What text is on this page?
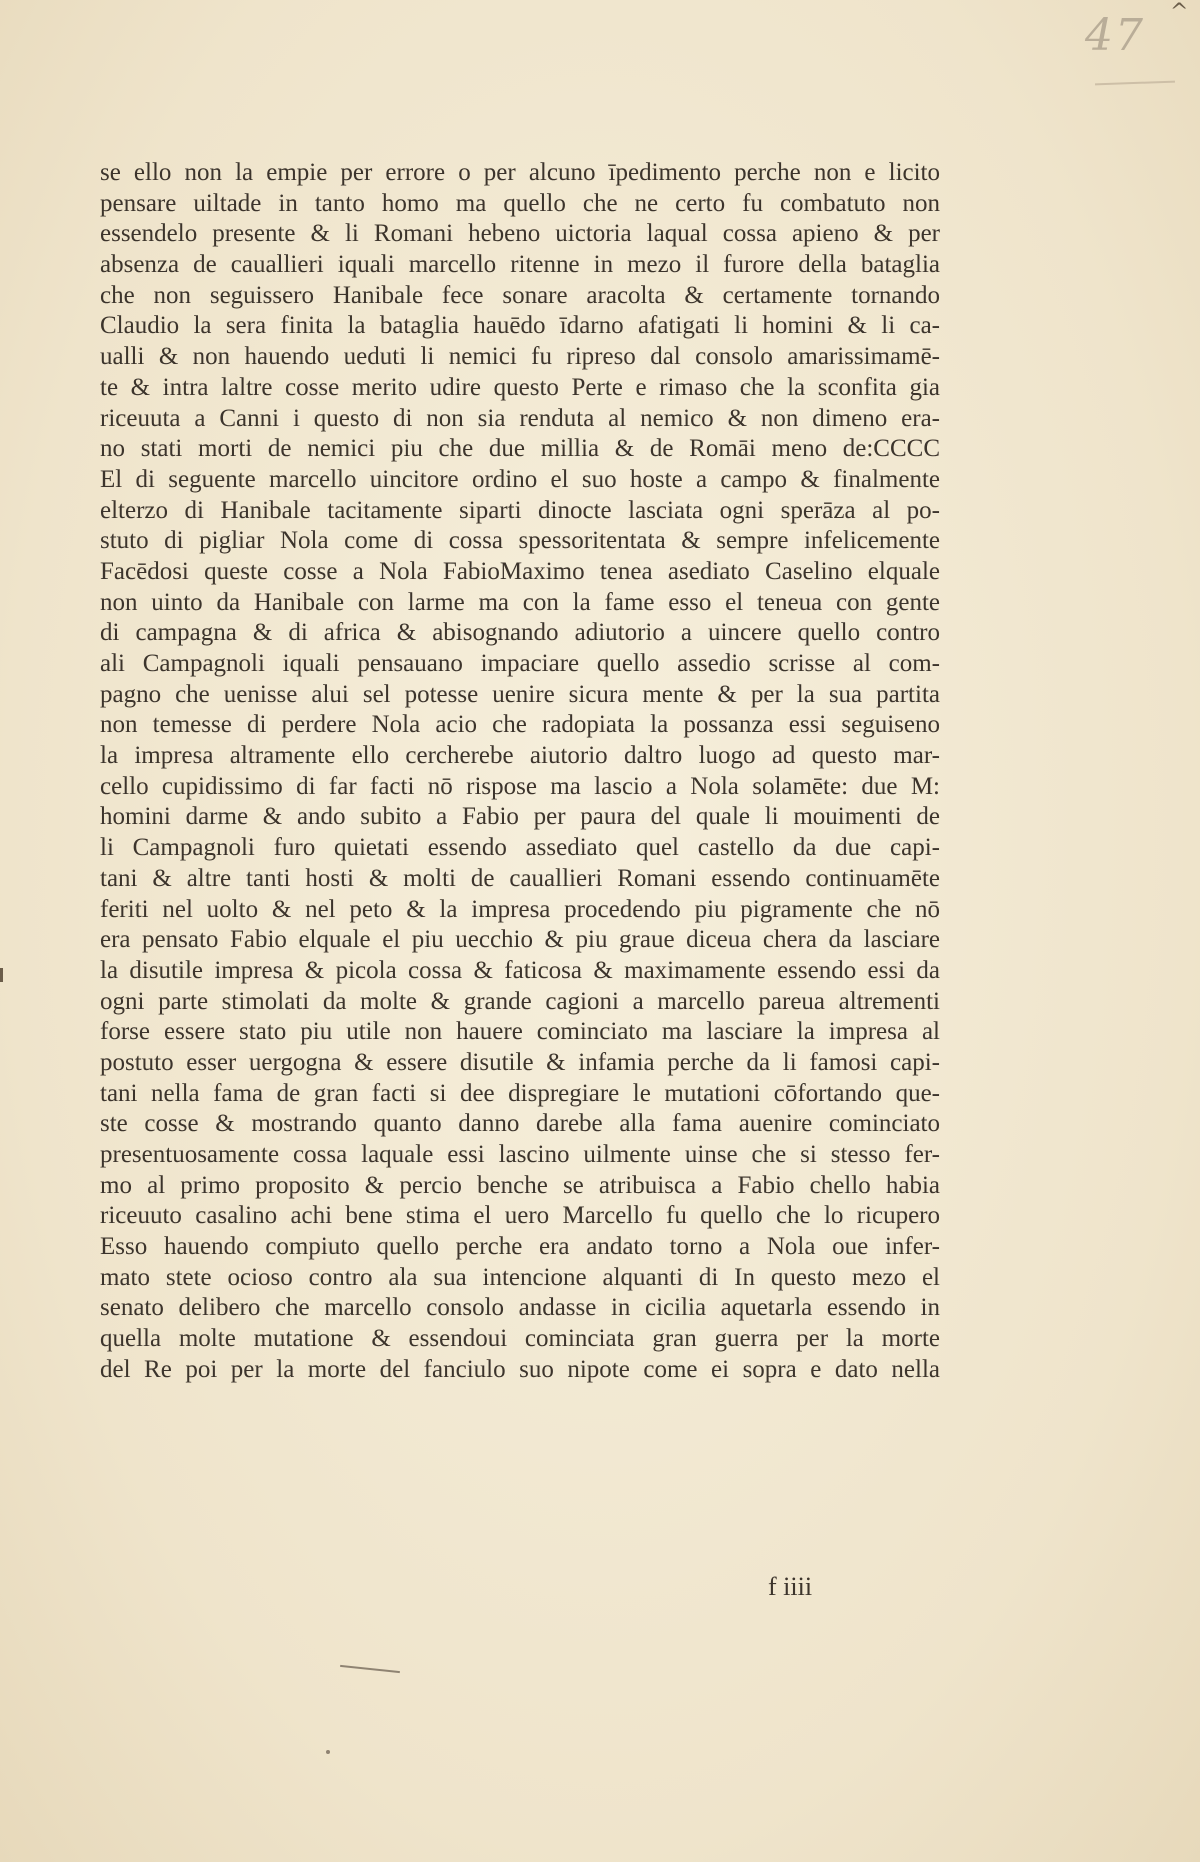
47 ^
se ello non la empie per errore o per alcuno īpedimento perche non e licito
pensare uiltade in tanto homo ma quello che ne certo fu combatuto non
essendelo presente & li Romani hebeno uictoria laqual cossa apieno & per
absenza de cauallieri iquali marcello ritenne in mezo il furore della bataglia
che non seguissero Hanibale fece sonare aracolta & certamente tornando
Claudio la sera finita la bataglia hauēdo īdarno afatigati li homini & li ca-
ualli & non hauendo ueduti li nemici fu ripreso dal consolo amarissimamē-
te & intra laltre cosse merito udire questo Perte e rimaso che la sconfita gia
riceuuta a Canni i questo di non sia renduta al nemico & non dimeno era-
no stati morti de nemici piu che due millia & de Romāi meno de:CCCC
El di seguente marcello uincitore ordino el suo hoste a campo & finalmente
elterzo di Hanibale tacitamente siparti dinocte lasciata ogni sperāza al po-
stuto di pigliar Nola come di cossa spessoritentata & sempre infelicemente
Facēdosi queste cosse a Nola FabioMaximo tenea asediato Caselino elquale
non uinto da Hanibale con larme ma con la fame esso el teneua con gente
di campagna & di africa & abisognando adiutorio a uincere quello contro
ali Campagnoli iquali pensauano impaciare quello assedio scrisse al com-
pagno che uenisse alui sel potesse uenire sicura mente & per la sua partita
non temesse di perdere Nola acio che radopiata la possanza essi seguiseno
la impresa altramente ello cercherebe aiutorio daltro luogo ad questo mar-
cello cupidissimo di far facti nō rispose ma lascio a Nola solamēte: due M:
homini darme & ando subito a Fabio per paura del quale li mouimenti de
li Campagnoli furo quietati essendo assediato quel castello da due capi-
tani & altre tanti hosti & molti de cauallieri Romani essendo continuamēte
feriti nel uolto & nel peto & la impresa procedendo piu pigramente che nō
era pensato Fabio elquale el piu uecchio & piu graue diceua chera da lasciare
la disutile impresa & picola cossa & faticosa & maximamente essendo essi da
ogni parte stimolati da molte & grande cagioni a marcello pareua altrementi
forse essere stato piu utile non hauere cominciato ma lasciare la impresa al
postuto esser uergogna & essere disutile & infamia perche da li famosi capi-
tani nella fama de gran facti si dee dispregiare le mutationi cōfortando que-
ste cosse & mostrando quanto danno darebe alla fama auenire cominciato
presentuosamente cossa laquale essi lascino uilmente uinse che si stesso fer-
mo al primo proposito & percio benche se atribuisca a Fabio chello habia
riceuuto casalino achi bene stima el uero Marcello fu quello che lo ricupero
Esso hauendo compiuto quello perche era andato torno a Nola oue infer-
mato stete ocioso contro ala sua intencione alquanti di In questo mezo el
senato delibero che marcello consolo andasse in cicilia aquetarla essendo in
quella molte mutatione & essendoui cominciata gran guerra per la morte
del Re poi per la morte del fanciulo suo nipote come ei sopra e dato nella
f iiii
